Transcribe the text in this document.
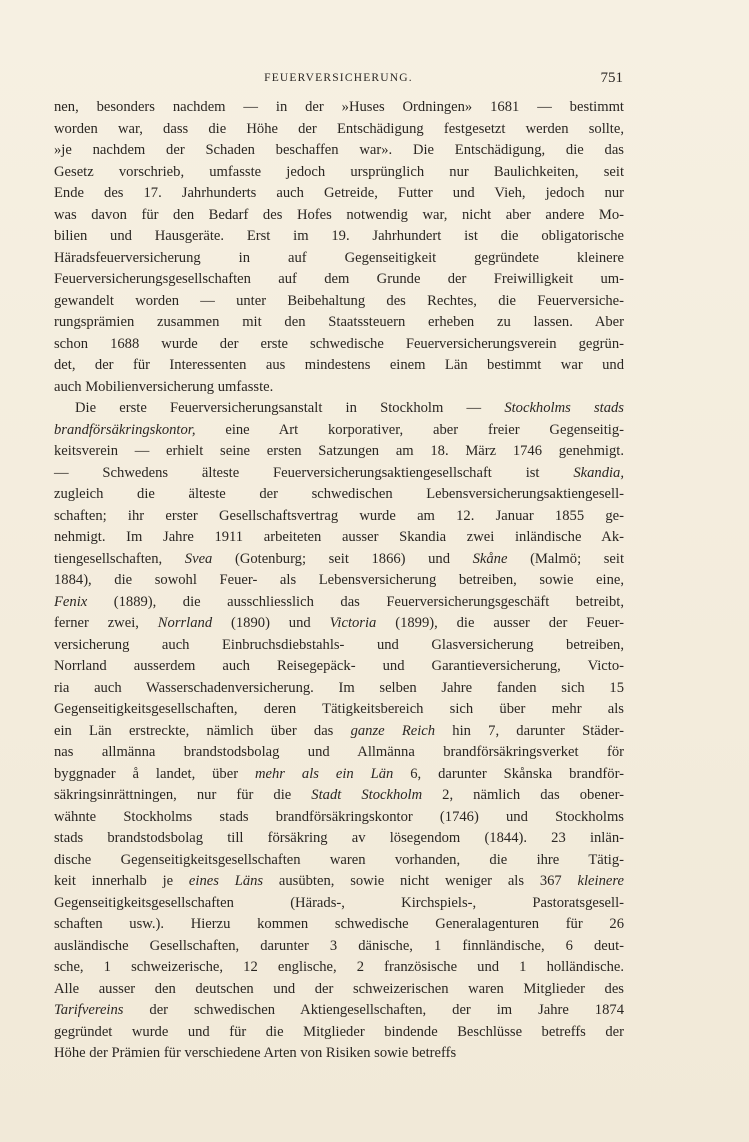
FEUERVERSICHERUNG.	751
nen, besonders nachdem — in der »Huses Ordningen» 1681 — bestimmt
worden war, dass die Höhe der Entschädigung festgesetzt werden sollte,
»je nachdem der Schaden beschaffen war». Die Entschädigung, die das
Gesetz vorschrieb, umfasste jedoch ursprünglich nur Baulichkeiten, seit
Ende des 17. Jahrhunderts auch Getreide, Futter und Vieh, jedoch nur
was davon für den Bedarf des Hofes notwendig war, nicht aber andere Mo-
bilien und Hausgeräte. Erst im 19. Jahrhundert ist die obligatorische
Häradsfeuerversicherung in auf Gegenseitigkeit gegründete kleinere
Feuerversicherungsgesellschaften auf dem Grunde der Freiwilligkeit um-
gewandelt worden — unter Beibehaltung des Rechtes, die Feuerversiche-
rungsprämien zusammen mit den Staatssteuern erheben zu lassen. Aber
schon 1688 wurde der erste schwedische Feuerversicherungsverein gegrün-
det, der für Interessenten aus mindestens einem Län bestimmt war und
auch Mobilienversicherung umfasste.
Die erste Feuerversicherungsanstalt in Stockholm — Stockholms stads
brandförsäkringskontor, eine Art korporativer, aber freier Gegenseitig-
keitsverein — erhielt seine ersten Satzungen am 18. März 1746 genehmigt.
— Schwedens älteste Feuerversicherungsaktiengesellschaft ist Skandia,
zugleich die älteste der schwedischen Lebensversicherungsaktiengesell-
schaften; ihr erster Gesellschaftsvertrag wurde am 12. Januar 1855 ge-
nehmigt. Im Jahre 1911 arbeiteten ausser Skandia zwei inländische Ak-
tiengesellschaften, Svea (Gotenburg; seit 1866) und Skåne (Malmö; seit
1884), die sowohl Feuer- als Lebensversicherung betreiben, sowie eine,
Fenix (1889), die ausschliesslich das Feuerversicherungsgeschäft betreibt,
ferner zwei, Norrland (1890) und Victoria (1899), die ausser der Feuer-
versicherung auch Einbruchsdiebstahls- und Glasversicherung betreiben,
Norrland ausserdem auch Reisegepäck- und Garantieversicherung, Victo-
ria auch Wasserschadenversicherung. Im selben Jahre fanden sich 15
Gegenseitigkeitsgesellschaften, deren Tätigkeitsbereich sich über mehr als
ein Län erstreckte, nämlich über das ganze Reich hin 7, darunter Städer-
nas allmänna brandstodsbolag und Allmänna brandförsäkringsverket för
byggnader å landet, über mehr als ein Län 6, darunter Skånska brandför-
säkringsinrättningen, nur für die Stadt Stockholm 2, nämlich das obener-
wähnte Stockholms stads brandförsäkringskontor (1746) und Stockholms
stads brandstodsbolag till försäkring av lösegendom (1844). 23 inlän-
dische Gegenseitigkeitsgesellschaften waren vorhanden, die ihre Tätig-
keit innerhalb je eines Läns ausübten, sowie nicht weniger als 367 kleinere
Gegenseitigkeitsgesellschaften (Härads-, Kirchspiels-, Pastoratsgesell-
schaften usw.). Hierzu kommen schwedische Generalagenturen für 26
ausländische Gesellschaften, darunter 3 dänische, 1 finnländische, 6 deut-
sche, 1 schweizerische, 12 englische, 2 französische und 1 holländische.
Alle ausser den deutschen und der schweizerischen waren Mitglieder des
Tarifvereins der schwedischen Aktiengesellschaften, der im Jahre 1874
gegründet wurde und für die Mitglieder bindende Beschlüsse betreffs der
Höhe der Prämien für verschiedene Arten von Risiken sowie betreffs
